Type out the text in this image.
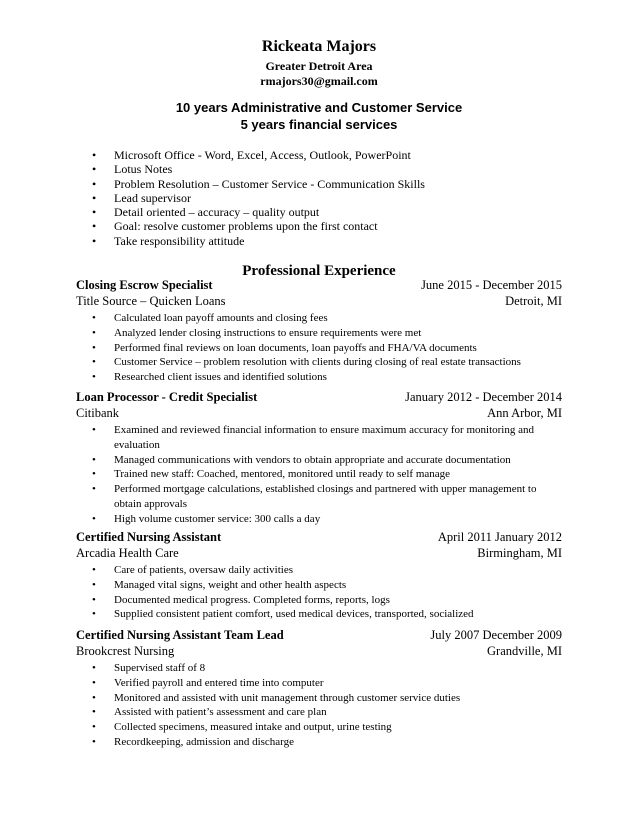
Rickeata Majors
Greater Detroit Area
rmajors30@gmail.com
10 years Administrative and Customer Service
5 years financial services
• Microsoft Office - Word, Excel, Access, Outlook, PowerPoint
• Lotus Notes
• Problem Resolution – Customer Service - Communication Skills
• Lead supervisor
• Detail oriented – accuracy – quality output
• Goal: resolve customer problems upon the first contact
• Take responsibility attitude
Professional Experience
Closing Escrow Specialist	June 2015 - December 2015
Title Source – Quicken Loans	Detroit, MI
• Calculated loan payoff amounts and closing fees
• Analyzed lender closing instructions to ensure requirements were met
• Performed final reviews on loan documents, loan payoffs and FHA/VA documents
• Customer Service – problem resolution with clients during closing of real estate transactions
• Researched client issues and identified solutions
Loan Processor - Credit Specialist	January 2012 - December 2014
Citibank	Ann Arbor, MI
• Examined and reviewed financial information to ensure maximum accuracy for monitoring and evaluation
• Managed communications with vendors to obtain appropriate and accurate documentation
• Trained new staff: Coached, mentored, monitored until ready to self manage
• Performed mortgage calculations, established closings and partnered with upper management to obtain approvals
• High volume customer service: 300 calls a day
Certified Nursing Assistant	April 2011 January 2012
Arcadia Health Care	Birmingham, MI
• Care of patients, oversaw daily activities
• Managed vital signs, weight and other health aspects
• Documented medical progress. Completed forms, reports, logs
• Supplied consistent patient comfort, used medical devices, transported, socialized
Certified Nursing Assistant Team Lead	July 2007 December 2009
Brookcrest Nursing	Grandville, MI
• Supervised staff of 8
• Verified payroll and entered time into computer
• Monitored and assisted with unit management through customer service duties
• Assisted with patient’s assessment and care plan
• Collected specimens, measured intake and output, urine testing
• Recordkeeping, admission and discharge
